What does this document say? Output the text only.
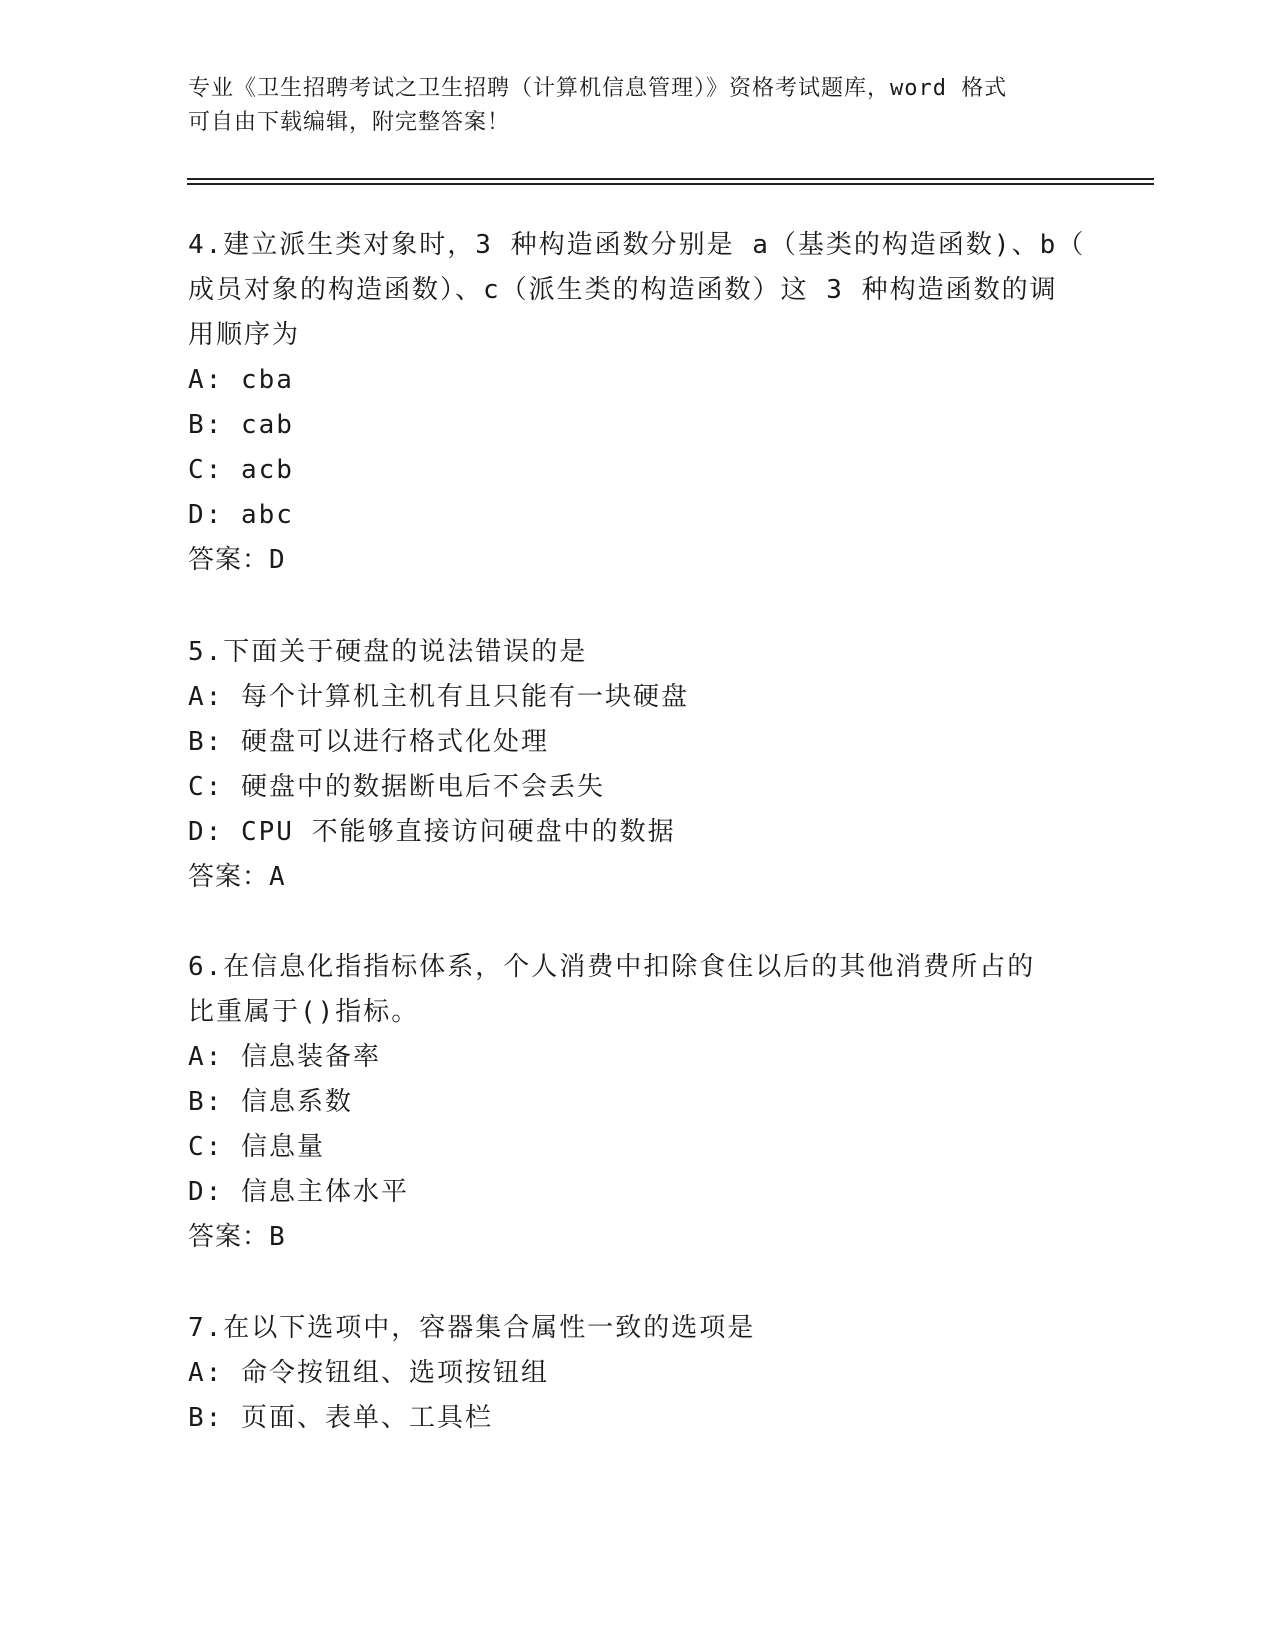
专业《卫生招聘考试之卫生招聘（计算机信息管理）》资格考试题库，word 格式
可自由下载编辑，附完整答案！
4.建立派生类对象时，3 种构造函数分别是 a（基类的构造函数)、b（
成员对象的构造函数）、c（派生类的构造函数）这 3 种构造函数的调
用顺序为
A: cba
B: cab
C: acb
D: abc
答案：D
5.下面关于硬盘的说法错误的是
A: 每个计算机主机有且只能有一块硬盘
B: 硬盘可以进行格式化处理
C: 硬盘中的数据断电后不会丢失
D: CPU 不能够直接访问硬盘中的数据
答案：A
6.在信息化指指标体系，个人消费中扣除食住以后的其他消费所占的
比重属于()指标。
A: 信息装备率
B: 信息系数
C: 信息量
D: 信息主体水平
答案：B
7.在以下选项中，容器集合属性一致的选项是
A: 命令按钮组、选项按钮组
B: 页面、表单、工具栏
